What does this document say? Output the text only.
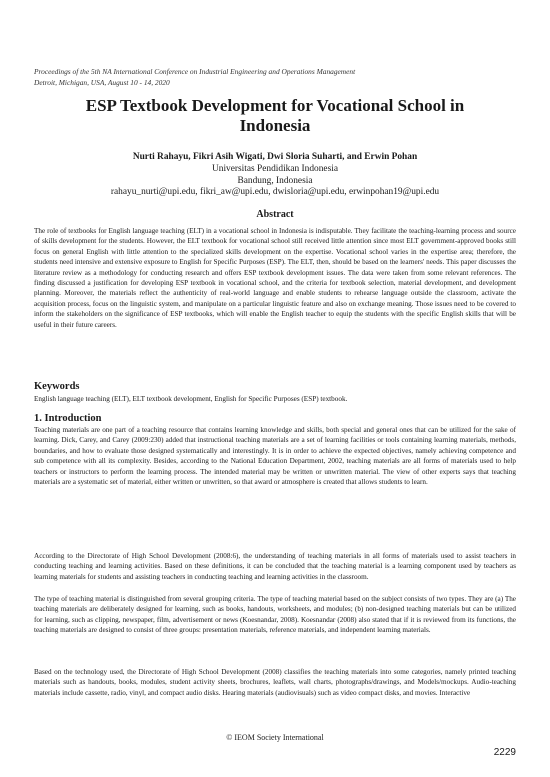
Proceedings of the 5th NA International Conference on Industrial Engineering and Operations Management
Detroit, Michigan, USA, August 10 - 14, 2020
ESP Textbook Development for Vocational School in
Indonesia
Nurti Rahayu, Fikri Asih Wigati, Dwi Sloria Suharti, and Erwin Pohan
Universitas Pendidikan Indonesia
Bandung, Indonesia
rahayu_nurti@upi.edu, fikri_aw@upi.edu, dwisloria@upi.edu, erwinpohan19@upi.edu
Abstract
The role of textbooks for English language teaching (ELT) in a vocational school in Indonesia is indisputable. They facilitate the teaching-learning process and source of skills development for the students. However, the ELT textbook for vocational school still received little attention since most ELT government-approved books still focus on general English with little attention to the specialized skills development on the expertise. Vocational school varies in the expertise area; therefore, the students need intensive and extensive exposure to English for Specific Purposes (ESP). The ELT, then, should be based on the learners' needs. This paper discusses the literature review as a methodology for conducting research and offers ESP textbook development issues. The data were taken from some relevant references. The finding discussed a justification for developing ESP textbook in vocational school, and the criteria for textbook selection, material development, and development planning. Moreover, the materials reflect the authenticity of real-world language and enable students to rehearse language outside the classroom, activate the acquisition process, focus on the linguistic system, and manipulate on a particular linguistic feature and also on exchange meaning. Those issues need to be covered to inform the stakeholders on the significance of ESP textbooks, which will enable the English teacher to equip the students with the specific English skills that will be useful in their future careers.
Keywords
English language teaching (ELT), ELT textbook development, English for Specific Purposes (ESP) textbook.
1. Introduction
Teaching materials are one part of a teaching resource that contains learning knowledge and skills, both special and general ones that can be utilized for the sake of learning. Dick, Carey, and Carey (2009:230) added that instructional teaching materials are a set of learning facilities or tools containing learning materials, methods, boundaries, and how to evaluate those designed systematically and interestingly. It is in order to achieve the expected objectives, namely achieving competence and sub competence with all its complexity. Besides, according to the National Education Department, 2002, teaching materials are all forms of materials used to help teachers or instructors to perform the learning process. The intended material may be written or unwritten material. The view of other experts says that teaching materials are a systematic set of material, either written or unwritten, so that award or atmosphere is created that allows students to learn.
According to the Directorate of High School Development (2008:6), the understanding of teaching materials in all forms of materials used to assist teachers in conducting teaching and learning activities. Based on these definitions, it can be concluded that the teaching material is a learning component used by teachers as learning materials for students and assisting teachers in conducting teaching and learning activities in the classroom.
The type of teaching material is distinguished from several grouping criteria. The type of teaching material based on the subject consists of two types. They are (a) The teaching materials are deliberately designed for learning, such as books, handouts, worksheets, and modules; (b) non-designed teaching materials but can be utilized for learning, such as clipping, newspaper, film, advertisement or news (Koesnandar, 2008). Koesnandar (2008) also stated that if it is reviewed from its functions, the teaching materials are designed to consist of three groups: presentation materials, reference materials, and independent learning materials.
Based on the technology used, the Directorate of High School Development (2008) classifies the teaching materials into some categories, namely printed teaching materials such as handouts, books, modules, student activity sheets, brochures, leaflets, wall charts, photographs/drawings, and Models/mockups. Audio-teaching materials include cassette, radio, vinyl, and compact audio disks. Hearing materials (audiovisuals) such as video compact disks, and movies. Interactive
© IEOM Society International
2229
